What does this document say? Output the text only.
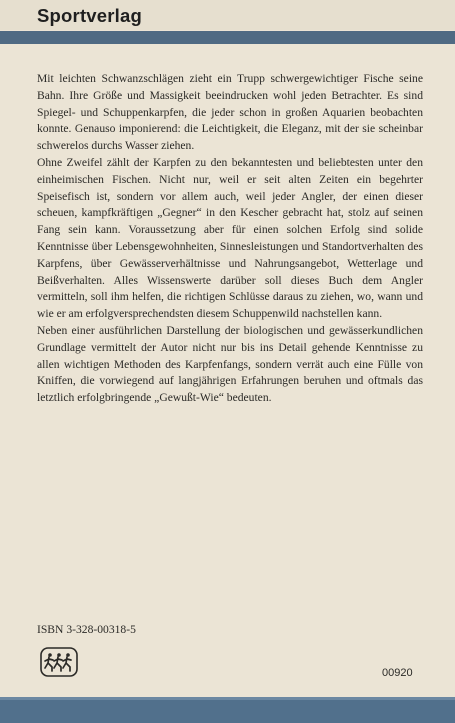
Sportverlag

Mit leichten Schwanzschlägen zieht ein Trupp schwergewichtiger Fische seine Bahn. Ihre Größe und Massigkeit beeindrucken wohl jeden Betrachter. Es sind Spiegel- und Schuppenkarpfen, die jeder schon in großen Aquarien beobachten konnte. Genauso imponierend: die Leichtigkeit, die Eleganz, mit der sie scheinbar schwerelos durchs Wasser ziehen.

Ohne Zweifel zählt der Karpfen zu den bekanntesten und beliebtesten unter den einheimischen Fischen. Nicht nur, weil er seit alten Zeiten ein begehrter Speisefisch ist, sondern vor allem auch, weil jeder Angler, der einen dieser scheuen, kampfkräftigen „Gegner“ in den Kescher gebracht hat, stolz auf seinen Fang sein kann. Voraussetzung aber für einen solchen Erfolg sind solide Kenntnisse über Lebensgewohnheiten, Sinnesleistungen und Standortverhalten des Karpfens, über Gewässerverhältnisse und Nahrungsangebot, Wetterlage und Beißverhalten. Alles Wissenswerte darüber soll dieses Buch dem Angler vermitteln, soll ihm helfen, die richtigen Schlüsse daraus zu ziehen, wo, wann und wie er am erfolgversprechendsten diesem Schuppenwild nachstellen kann.

Neben einer ausführlichen Darstellung der biologischen und gewässerkundlichen Grundlage vermittelt der Autor nicht nur bis ins Detail gehende Kenntnisse zu allen wichtigen Methoden des Karpfenfangs, sondern verrät auch eine Fülle von Kniffen, die vorwiegend auf langjährigen Erfahrungen beruhen und oftmals das letztlich erfolgbringende „Gewußt-Wie“ bedeuten.

ISBN 3-328-00318-5
00920
